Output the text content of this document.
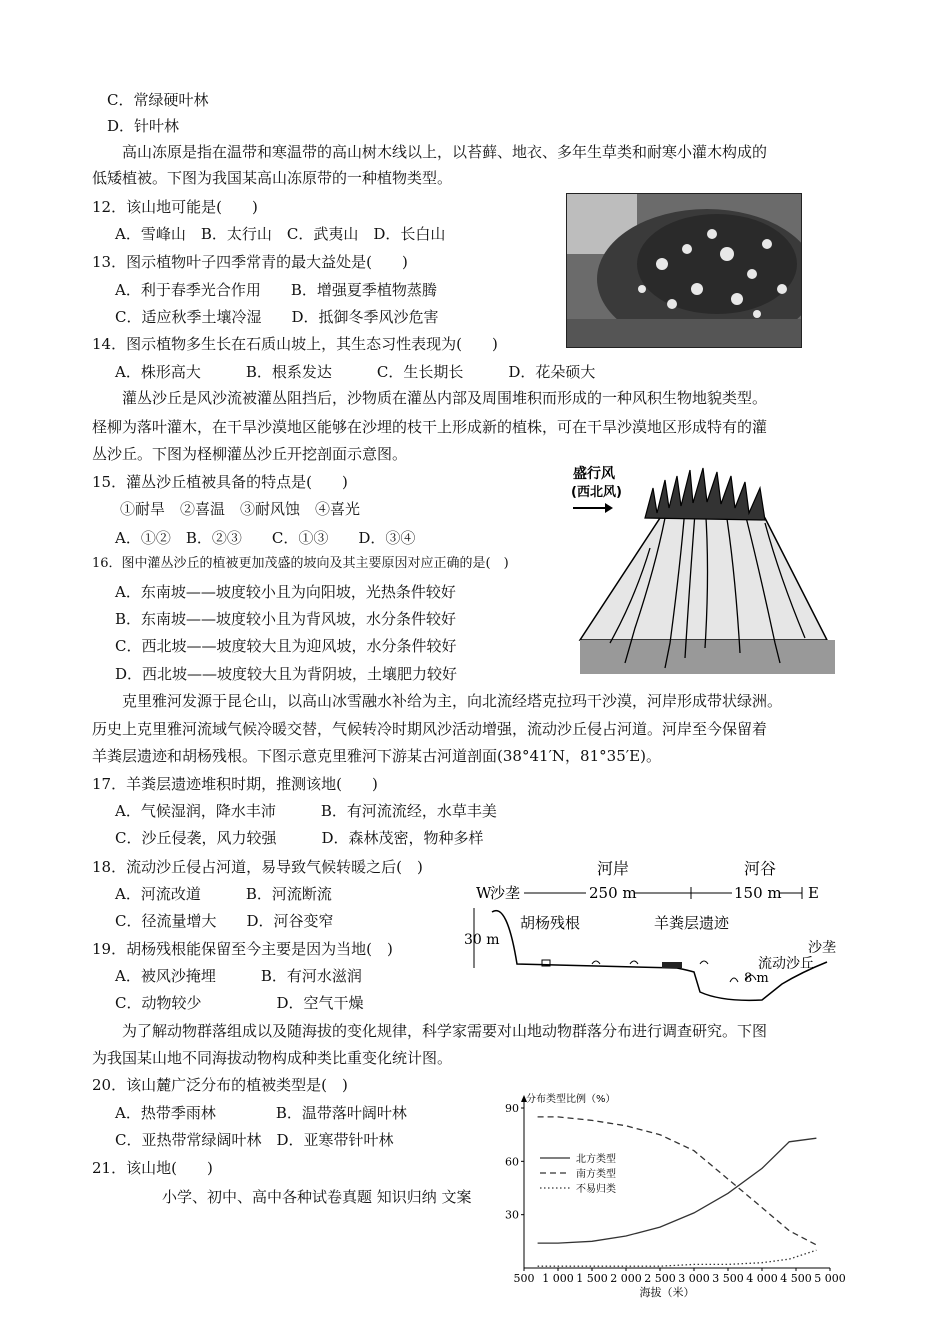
C．常绿硬叶林
D．针叶林
高山冻原是指在温带和寒温带的高山树木线以上，以苔藓、地衣、多年生草类和耐寒小灌木构成的
低矮植被。下图为我国某高山冻原带的一种植物类型。
12．该山地可能是(　　)
A．雪峰山　B．太行山　C．武夷山　D．长白山
13．图示植物叶子四季常青的最大益处是(　　)
A．利于春季光合作用　　B．增强夏季植物蒸腾
C．适应秋季土壤冷湿　　D．抵御冬季风沙危害
14．图示植物多生长在石质山坡上，其生态习性表现为(　　)
A．株形高大　　　B．根系发达　　　C．生长期长　　　D．花朵硕大
灌丛沙丘是风沙流被灌丛阻挡后，沙物质在灌丛内部及周围堆积而形成的一种风积生物地貌类型。
柽柳为落叶灌木，在干旱沙漠地区能够在沙埋的枝干上形成新的植株，可在干旱沙漠地区形成特有的灌
丛沙丘。下图为柽柳灌丛沙丘开挖剖面示意图。
15．灌丛沙丘植被具备的特点是(　　)
①耐旱　②喜温　③耐风蚀　④喜光
A．①②　B．②③　　C．①③　　D．③④
16．图中灌丛沙丘的植被更加茂盛的坡向及其主要原因对应正确的是(　)
A．东南坡——坡度较小且为向阳坡，光热条件较好
B．东南坡——坡度较小且为背风坡，水分条件较好
C．西北坡——坡度较大且为迎风坡，水分条件较好
D．西北坡——坡度较大且为背阴坡，土壤肥力较好
克里雅河发源于昆仑山，以高山冰雪融水补给为主，向北流经塔克拉玛干沙漠，河岸形成带状绿洲。
历史上克里雅河流域气候冷暖交替，气候转冷时期风沙活动增强，流动沙丘侵占河道。河岸至今保留着
羊粪层遗迹和胡杨残根。下图示意克里雅河下游某古河道剖面(38°41′N，81°35′E)。
17．羊粪层遗迹堆积时期，推测该地(　　)
A．气候湿润，降水丰沛　　　B．有河流流经，水草丰美
C．沙丘侵袭，风力较强　　　D．森林茂密，物种多样
18．流动沙丘侵占河道，易导致气候转暖之后(　)
A．河流改道　　　B．河流断流
C．径流量增大　　D．河谷变窄
19．胡杨残根能保留至今主要是因为当地(　)
A．被风沙掩埋　　　B．有河水滋润
C．动物较少　　　　　D．空气干燥
为了解动物群落组成以及随海拔的变化规律，科学家需要对山地动物群落分布进行调查研究。下图
为我国某山地不同海拔动物构成种类比重变化统计图。
20．该山麓广泛分布的植被类型是(　)
A．热带季雨林　　　　B．温带落叶阔叶林
C．亚热带常绿阔叶林　D．亚寒带针叶林
21．该山地(　　)
小学、初中、高中各种试卷真题 知识归纳 文案
盛行风
(西北风)
河岸	河谷
W
沙垄	250 m	150 m E
30 m
胡杨残根	羊粪层遗迹
沙垄
8 m
流动沙丘
分布类型比例（%）
90
60
30
500 1 000 1 500 2 000 2 500 3 000 3 500 4 000 4 500 5 000
海拔（米）
北方类型
南方类型
不易归类
